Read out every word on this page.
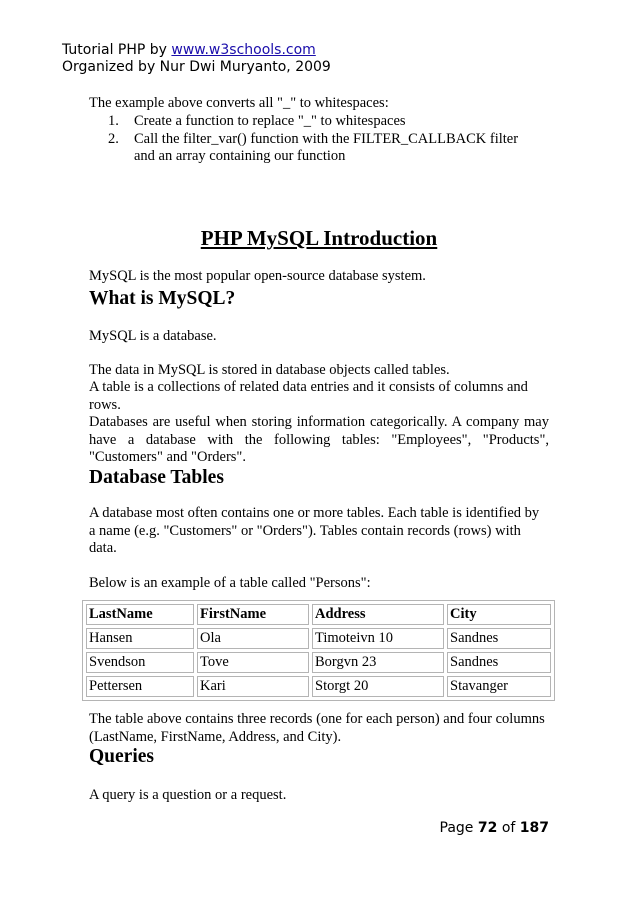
Tutorial PHP by www.w3schools.com
Organized by Nur Dwi Muryanto, 2009
The example above converts all "_" to whitespaces:
1.	Create a function to replace "_" to whitespaces
2.	Call the filter_var() function with the FILTER_CALLBACK filter and an array containing our function
PHP MySQL Introduction
MySQL is the most popular open-source database system.
What is MySQL?
MySQL is a database.
The data in MySQL is stored in database objects called tables.
A table is a collections of related data entries and it consists of columns and rows.
Databases are useful when storing information categorically. A company may have a database with the following tables: "Employees", "Products", "Customers" and "Orders".
Database Tables
A database most often contains one or more tables. Each table is identified by a name (e.g. "Customers" or "Orders"). Tables contain records (rows) with data.
Below is an example of a table called "Persons":
LastName	FirstName	Address	City
Hansen	Ola	Timoteivn 10	Sandnes
Svendson	Tove	Borgvn 23	Sandnes
Pettersen	Kari	Storgt 20	Stavanger
The table above contains three records (one for each person) and four columns (LastName, FirstName, Address, and City).
Queries
A query is a question or a request.
Page 72 of 187
